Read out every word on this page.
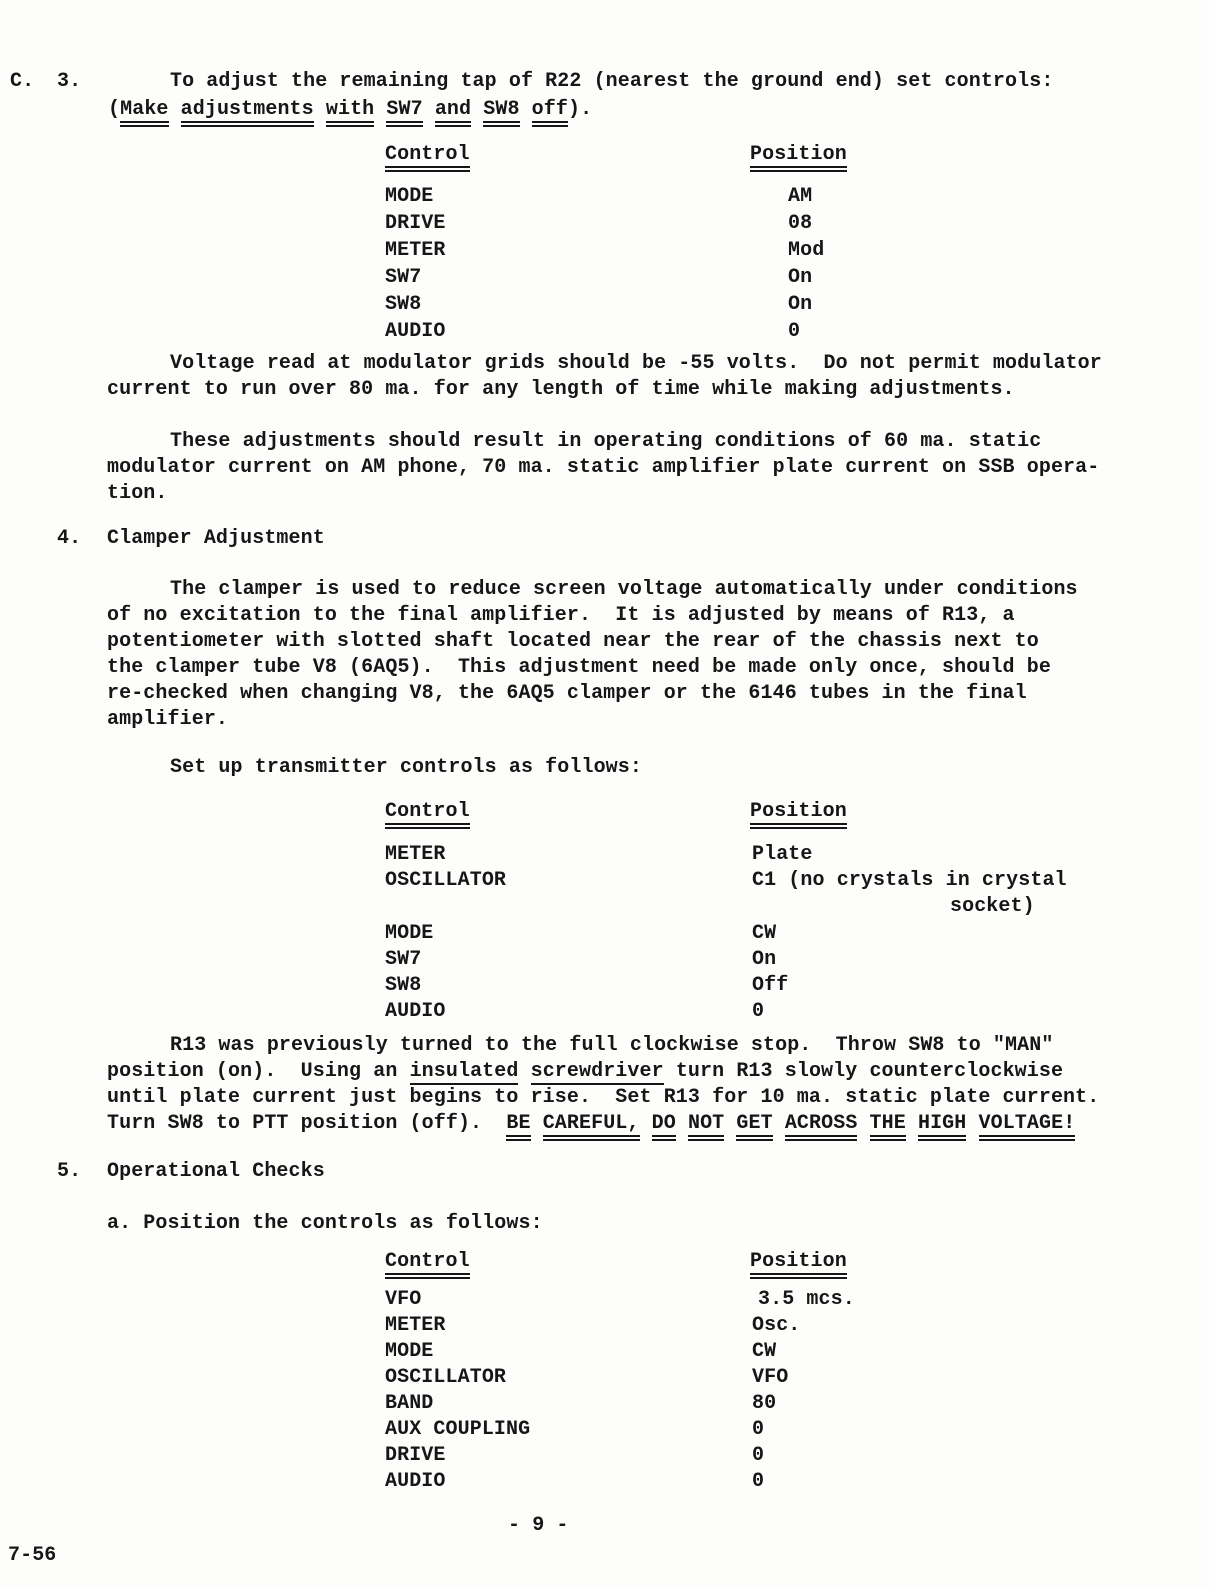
C. 3.	To adjust the remaining tap of R22 (nearest the ground end) set controls:
(Make adjustments with SW7 and SW8 off).
Control	Position
MODE	AM
DRIVE	08
METER	Mod
SW7	On
SW8	On
AUDIO	0
Voltage read at modulator grids should be -55 volts.  Do not permit modulator
current to run over 80 ma. for any length of time while making adjustments.
These adjustments should result in operating conditions of 60 ma. static
modulator current on AM phone, 70 ma. static amplifier plate current on SSB opera-
tion.
4. Clamper Adjustment
The clamper is used to reduce screen voltage automatically under conditions
of no excitation to the final amplifier.  It is adjusted by means of R13, a
potentiometer with slotted shaft located near the rear of the chassis next to
the clamper tube V8 (6AQ5).  This adjustment need be made only once, should be
re-checked when changing V8, the 6AQ5 clamper or the 6146 tubes in the final
amplifier.
Set up transmitter controls as follows:
Control	Position
METER	Plate
OSCILLATOR	C1 (no crystals in crystal
socket)
MODE	CW
SW7	On
SW8	Off
AUDIO	0
R13 was previously turned to the full clockwise stop.  Throw SW8 to "MAN"
position (on).  Using an insulated screwdriver turn R13 slowly counterclockwise
until plate current just begins to rise.  Set R13 for 10 ma. static plate current.
Turn SW8 to PTT position (off).  BE CAREFUL, DO NOT GET ACROSS THE HIGH VOLTAGE!
5. Operational Checks
a. Position the controls as follows:
Control	Position
VFO	3.5 mcs.
METER	Osc.
MODE	CW
OSCILLATOR	VFO
BAND	80
AUX COUPLING	0
DRIVE	0
AUDIO	0
- 9 -
7-56
